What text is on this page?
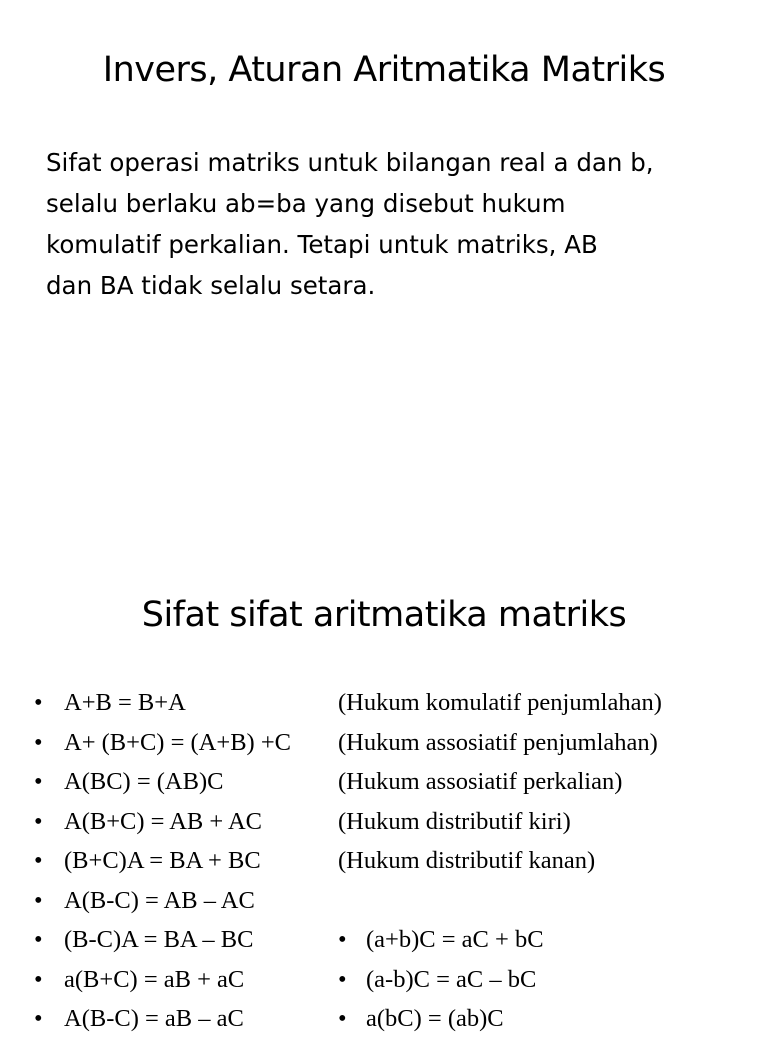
Invers, Aturan Aritmatika Matriks

Sifat operasi matriks untuk bilangan real a dan b,
selalu berlaku ab=ba yang disebut hukum
komulatif perkalian. Tetapi untuk matriks, AB
dan BA tidak selalu setara.

Sifat sifat aritmatika matriks
• A+B = B+A	(Hukum komulatif penjumlahan)
• A+ (B+C) = (A+B) +C (Hukum assosiatif penjumlahan)
• A(BC) = (AB)C	(Hukum assosiatif perkalian)
• A(B+C) = AB + AC	(Hukum distributif kiri)
• (B+C)A = BA + BC	(Hukum distributif kanan)
• A(B-C) = AB – AC
• (B-C)A = BA – BC	• (a+b)C = aC + bC
• a(B+C) = aB + aC	• (a-b)C = aC – bC
• A(B-C) = aB – aC	• a(bC) = (ab)C
